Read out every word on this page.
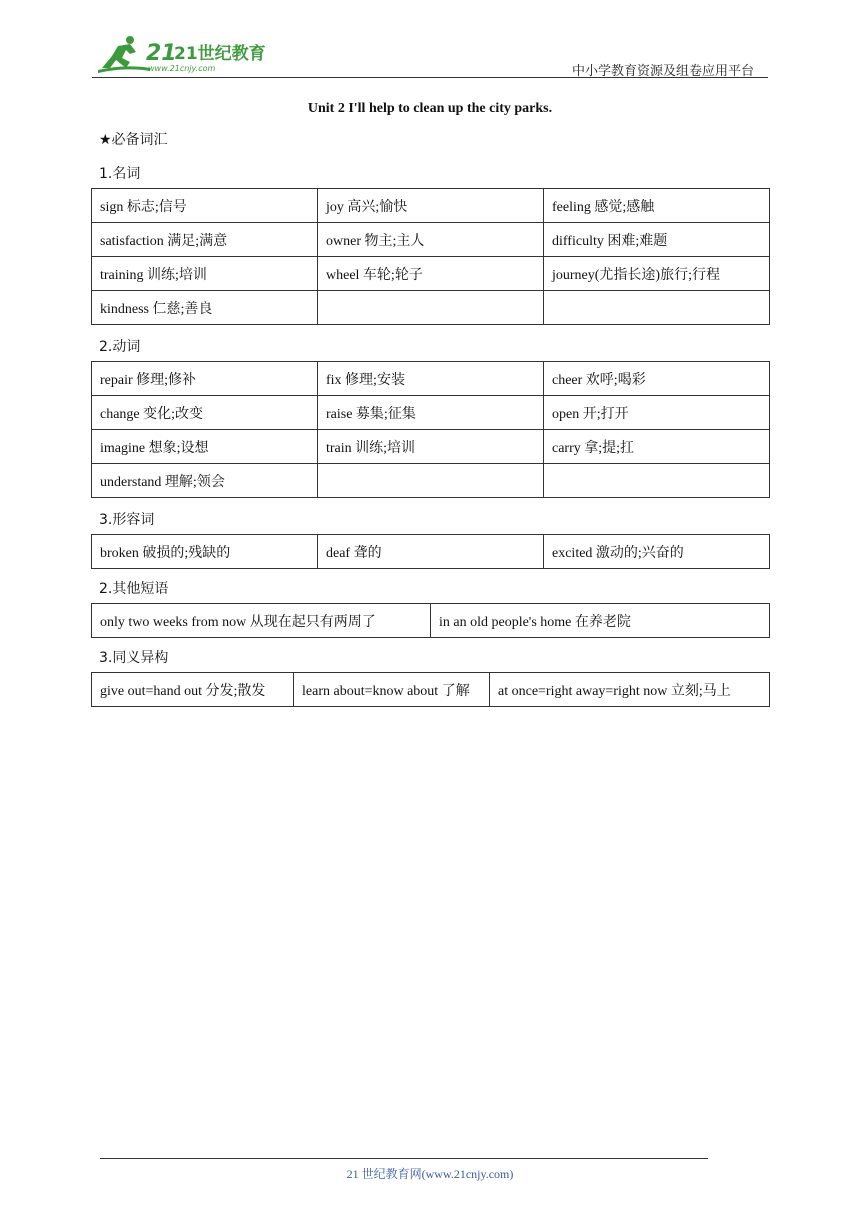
21
21世纪教育
www.21cnjy.com	中小学教育资源及组卷应用平台
Unit 2 I'll help to clean up the city parks.
★必备词汇
1.名词
sign 标志;信号	joy 高兴;愉快	feeling 感觉;感触
satisfaction 满足;满意	owner 物主;主人	difficulty 困难;难题
training 训练;培训	wheel 车轮;轮子	journey(尤指长途)旅行;行程
kindness 仁慈;善良		
2.动词
repair 修理;修补	fix 修理;安装	cheer 欢呼;喝彩
change 变化;改变	raise 募集;征集	open 开;打开
imagine 想象;设想	train 训练;培训	carry 拿;提;扛
understand 理解;领会		
3.形容词
broken 破损的;残缺的	deaf 聋的	excited 激动的;兴奋的
2.其他短语
only two weeks from now 从现在起只有两周了	in an old people's home 在养老院
3.同义异构
give out=hand out 分发;散发	learn about=know about 了解	at once=right away=right now 立刻;马上
21 世纪教育网(www.21cnjy.com)
